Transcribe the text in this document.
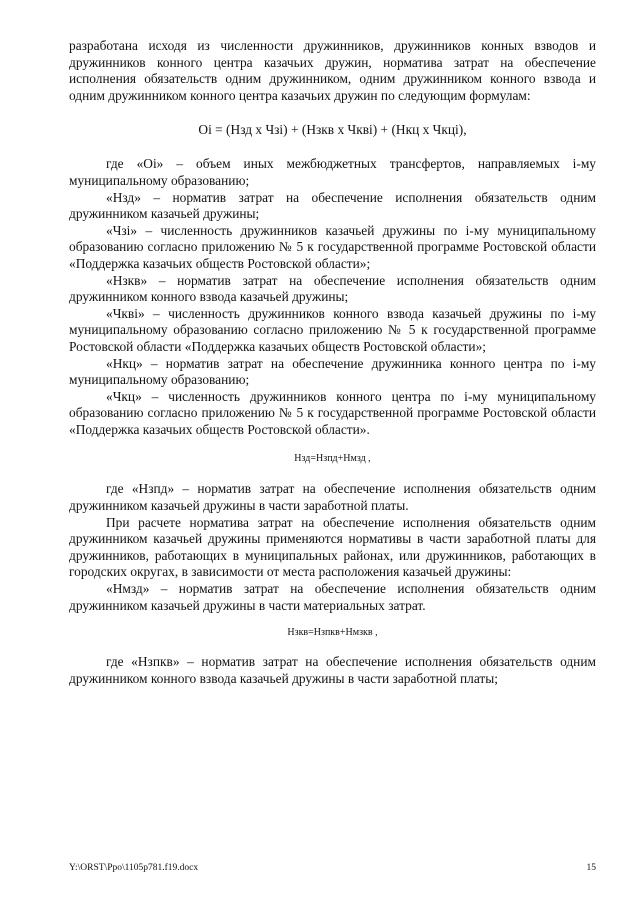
разработана исходя из численности дружинников, дружинников конных взводов и дружинников конного центра казачьих дружин, норматива затрат на обеспечение исполнения обязательств одним дружинником, одним дружинником конного взвода и одним дружинником конного центра казачьих дружин по следующим формулам:

Оі = (Нзд x Чзі) + (Нзкв x Чкві) + (Нкц x Чкці),

где «Оі» – объем иных межбюджетных трансфертов, направляемых і-му муниципальному образованию;

«Нзд» – норматив затрат на обеспечение исполнения обязательств одним дружинником казачьей дружины;

«Чзі» – численность дружинников казачьей дружины по і-му муниципальному образованию согласно приложению № 5 к государственной программе Ростовской области «Поддержка казачьих обществ Ростовской области»;

«Нзкв» – норматив затрат на обеспечение исполнения обязательств одним дружинником конного взвода казачьей дружины;

«Чкві» – численность дружинников конного взвода казачьей дружины по і-му муниципальному образованию согласно приложению № 5 к государственной программе Ростовской области «Поддержка казачьих обществ Ростовской области»;

«Нкц» – норматив затрат на обеспечение дружинника конного центра по і-му муниципальному образованию;

«Чкц» – численность дружинников конного центра по і-му муниципальному образованию согласно приложению № 5 к государственной программе Ростовской области «Поддержка казачьих обществ Ростовской области».

Нзд=Нзпд+Нмзд ,

где «Нзпд» – норматив затрат на обеспечение исполнения обязательств одним дружинником казачьей дружины в части заработной платы.

При расчете норматива затрат на обеспечение исполнения обязательств одним дружинником казачьей дружины применяются нормативы в части заработной платы для дружинников, работающих в муниципальных районах, или дружинников, работающих в городских округах, в зависимости от места расположения казачьей дружины:

«Нмзд» – норматив затрат на обеспечение исполнения обязательств одним дружинником казачьей дружины в части материальных затрат.

Нзкв=Нзпкв+Нмзкв ,

где «Нзпкв» – норматив затрат на обеспечение исполнения обязательств одним дружинником конного взвода казачьей дружины в части заработной платы;

Y:\ORST\Ppo\1105p781.f19.docx	15
